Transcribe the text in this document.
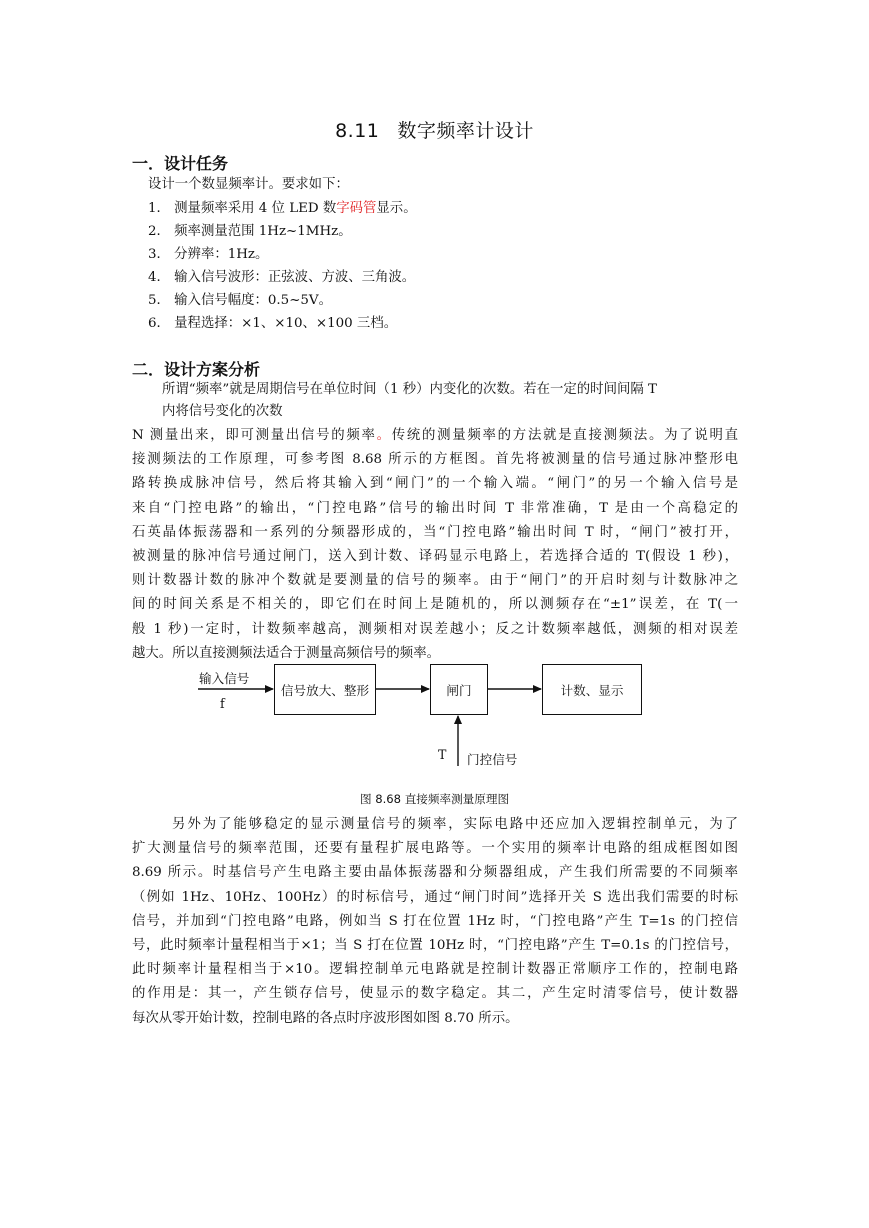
8.11 数字频率计设计
一．设计任务
设计一个数显频率计。要求如下：
1． 测量频率采用 4 位 LED 数字码管显示。
2． 频率测量范围 1Hz~1MHz。
3． 分辨率：1Hz。
4． 输入信号波形：正弦波、方波、三角波。
5． 输入信号幅度：0.5~5V。
6． 量程选择：×1、×10、×100 三档。
二．设计方案分析
所谓“频率”就是周期信号在单位时间（1 秒）内变化的次数。若在一定的时间间隔 T
内将信号变化的次数
N 测量出来，即可测量出信号的频率。传统的测量频率的方法就是直接测频法。为了说明直
接测频法的工作原理，可参考图 8.68 所示的方框图。首先将被测量的信号通过脉冲整形电
路转换成脉冲信号，然后将其输入到“闸门”的一个输入端。“闸门”的另一个输入信号是
来自“门控电路”的输出，“门控电路”信号的输出时间 T 非常准确，T 是由一个高稳定的
石英晶体振荡器和一系列的分频器形成的，当“门控电路”输出时间 T 时，“闸门”被打开，
被测量的脉冲信号通过闸门，送入到计数、译码显示电路上，若选择合适的 T(假设 1 秒)，
则计数器计数的脉冲个数就是要测量的信号的频率。由于“闸门”的开启时刻与计数脉冲之
间的时间关系是不相关的，即它们在时间上是随机的，所以测频存在“±1”误差，在 T(一
般 1 秒)一定时，计数频率越高，测频相对误差越小；反之计数频率越低，测频的相对误差
越大。所以直接测频法适合于测量高频信号的频率。
输入信号
f
信号放大、整形	闸门	计数、显示
T 门控信号
图 8.68 直接频率测量原理图
另外为了能够稳定的显示测量信号的频率，实际电路中还应加入逻辑控制单元，为了
扩大测量信号的频率范围，还要有量程扩展电路等。一个实用的频率计电路的组成框图如图
8.69 所示。时基信号产生电路主要由晶体振荡器和分频器组成，产生我们所需要的不同频率
（例如 1Hz、10Hz、100Hz）的时标信号，通过“闸门时间”选择开关 S 选出我们需要的时标
信号，并加到“门控电路”电路，例如当 S 打在位置 1Hz 时，“门控电路”产生 T=1s 的门控信
号，此时频率计量程相当于×1；当 S 打在位置 10Hz 时，“门控电路”产生 T=0.1s 的门控信号，
此时频率计量程相当于×10。逻辑控制单元电路就是控制计数器正常顺序工作的，控制电路
的作用是：其一，产生锁存信号，使显示的数字稳定。其二，产生定时清零信号，使计数器
每次从零开始计数，控制电路的各点时序波形图如图 8.70 所示。
